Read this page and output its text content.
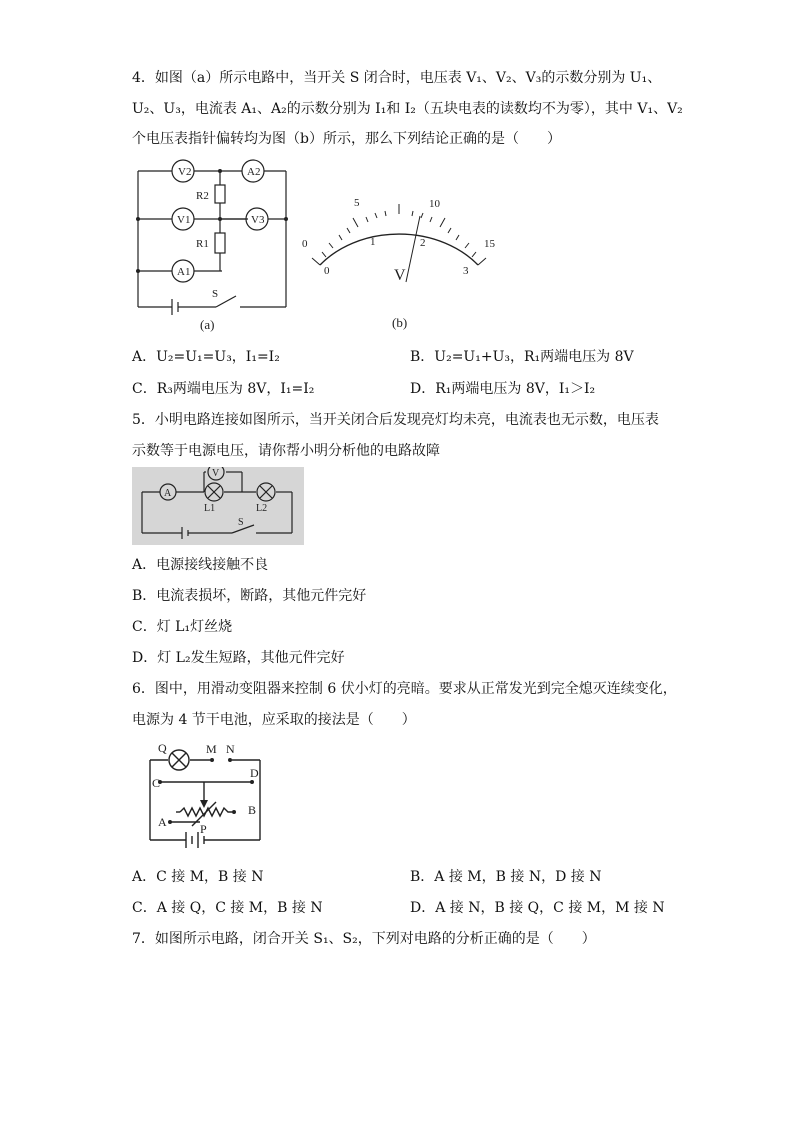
4．如图（a）所示电路中，当开关 S 闭合时，电压表 V₁、V₂、V₃的示数分别为 U₁、
U₂、U₃，电流表 A₁、A₂的示数分别为 I₁和 I₂（五块电表的读数均不为零），其中 V₁、V₂
个电压表指针偏转均为图（b）所示，那么下列结论正确的是（　　）
V2	A2
R2
V1	V3
R1
A1
S
(a)
0
5	10
15
0
1	2
3
V
(b)
A．U₂=U₁=U₃，I₁=I₂	B．U₂=U₁+U₃，R₁两端电压为 8V
C．R₃两端电压为 8V，I₁=I₂	D．R₁两端电压为 8V，I₁＞I₂
5．小明电路连接如图所示，当开关闭合后发现亮灯均未亮，电流表也无示数，电压表
示数等于电源电压，请你帮小明分析他的电路故障
A
V
L1	L2
S
A．电源接线接触不良
B．电流表损坏，断路，其他元件完好
C．灯 L₁灯丝烧
D．灯 L₂发生短路，其他元件完好
6．图中，用滑动变阻器来控制 6 伏小灯的亮暗。要求从正常发光到完全熄灭连续变化，
电源为 4 节干电池，应采取的接法是（　　）
Q	M N
C
D
A
B
P
A．C 接 M，B 接 N	B．A 接 M，B 接 N，D 接 N
C．A 接 Q，C 接 M，B 接 N	D．A 接 N，B 接 Q，C 接 M，M 接 N
7．如图所示电路，闭合开关 S₁、S₂，下列对电路的分析正确的是（　　）
